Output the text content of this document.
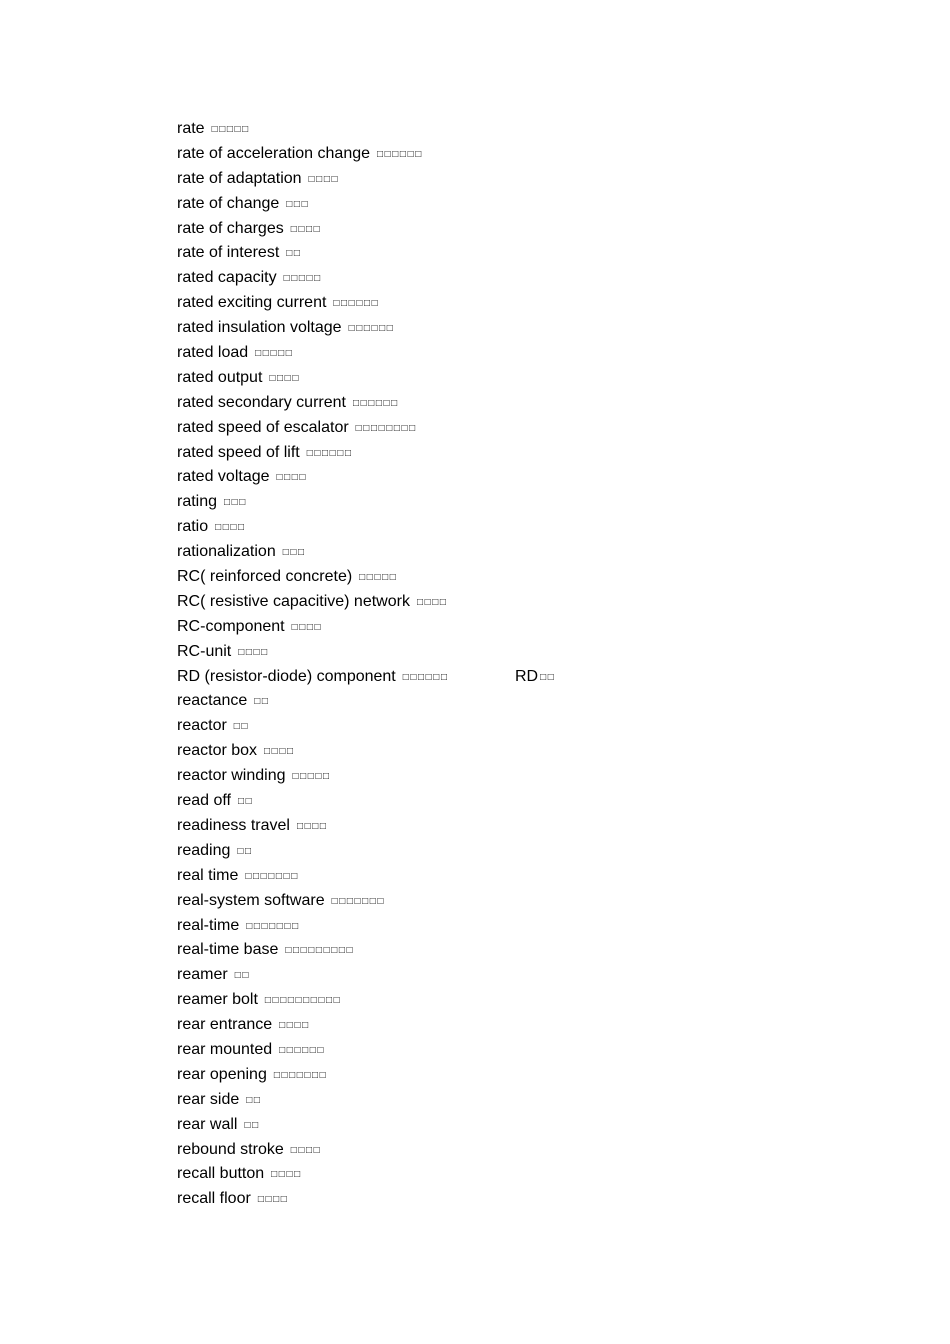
rate □□□□□
rate of acceleration change □□□□□□
rate of adaptation □□□□
rate of change □□□
rate of charges □□□□
rate of interest □□
rated capacity □□□□□
rated exciting current □□□□□□
rated insulation voltage □□□□□□
rated load □□□□□
rated output □□□□
rated secondary current □□□□□□
rated speed of escalator □□□□□□□□
rated speed of lift □□□□□□
rated voltage □□□□
rating □□□
ratio □□□□
rationalization □□□
RC( reinforced concrete) □□□□□
RC( resistive capacitive) network □□□□
RC-component □□□□
RC-unit □□□□
RD (resistor-diode) component □□□□□□	RD □□
reactance □□
reactor □□
reactor box □□□□
reactor winding □□□□□
read off □□
readiness travel □□□□
reading □□
real time □□□□□□□
real-system software □□□□□□□
real-time □□□□□□□
real-time base □□□□□□□□□
reamer □□
reamer bolt □□□□□□□□□□
rear entrance □□□□
rear mounted □□□□□□
rear opening □□□□□□□
rear side □□
rear wall □□
rebound stroke □□□□
recall button □□□□
recall floor □□□□
